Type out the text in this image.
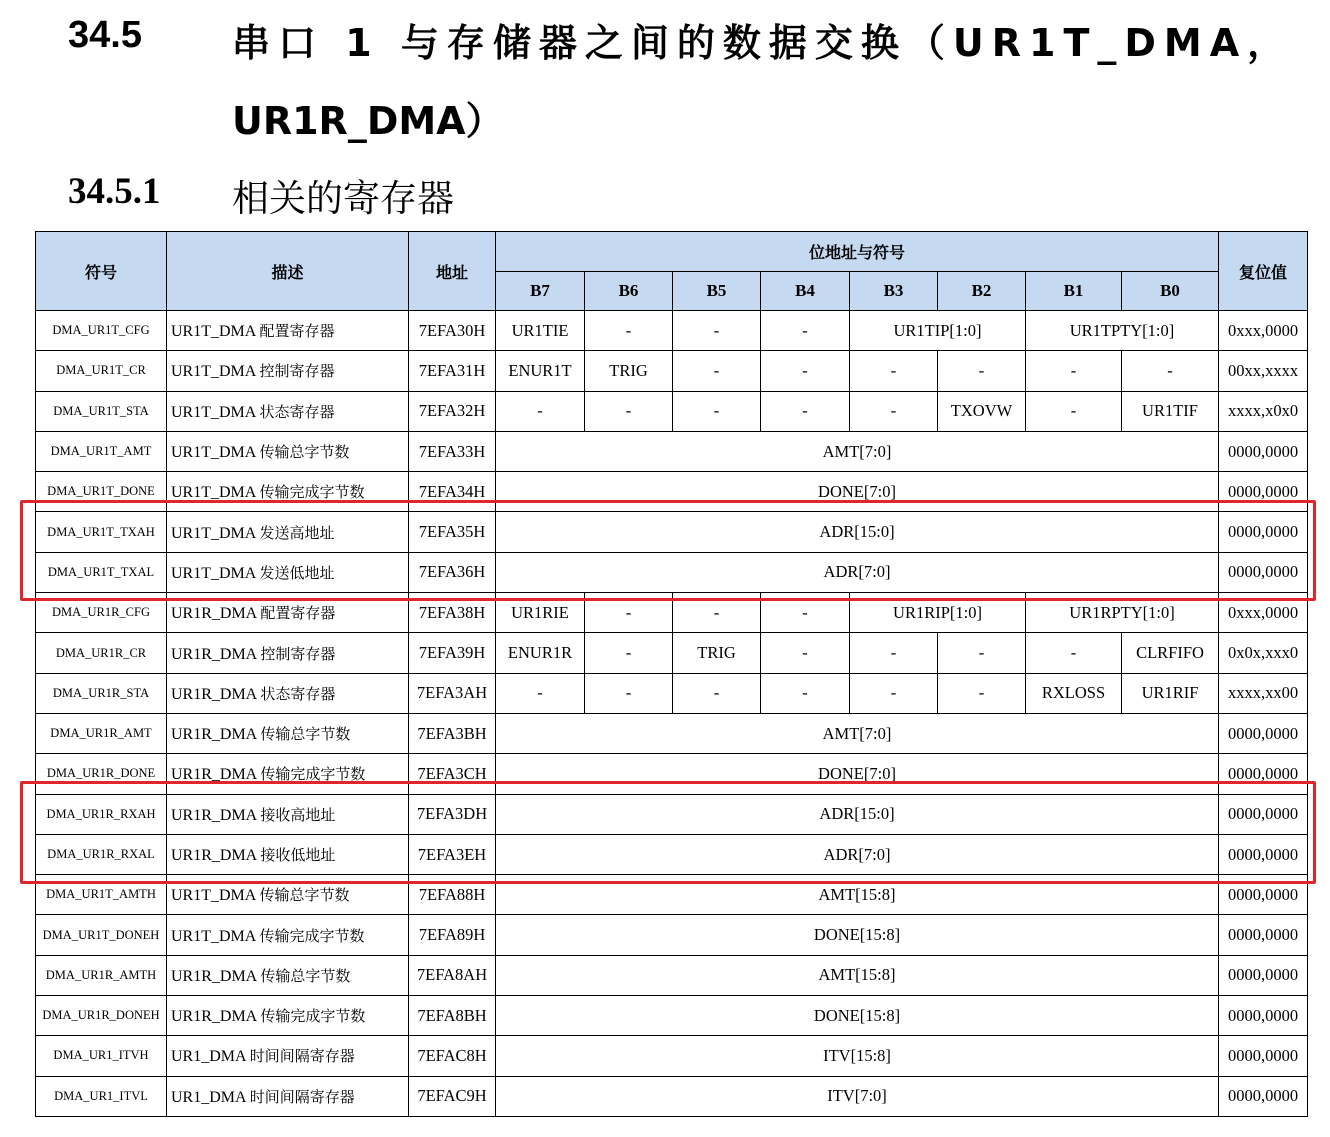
34.5 串口 1 与存储器之间的数据交换（UR1T_DMA，
UR1R_DMA）
34.5.1 相关的寄存器
符号	描述	地址	位地址与符号								复位值
			B7	B6	B5	B4	B3	B2	B1	B0	
DMA_UR1T_CFG	UR1T_DMA 配置寄存器	7EFA30H	UR1TIE	-	-	-	UR1TIP[1:0]		UR1TPTY[1:0]		0xxx,0000
DMA_UR1T_CR	UR1T_DMA 控制寄存器	7EFA31H	ENUR1T	TRIG	-	-	-	-	-	-	00xx,xxxx
DMA_UR1T_STA	UR1T_DMA 状态寄存器	7EFA32H	-	-	-	-	-	TXOVW	-	UR1TIF	xxxx,x0x0
DMA_UR1T_AMT	UR1T_DMA 传输总字节数	7EFA33H	AMT[7:0]								0000,0000
DMA_UR1T_DONE	UR1T_DMA 传输完成字节数	7EFA34H	DONE[7:0]								0000,0000
DMA_UR1T_TXAH	UR1T_DMA 发送高地址	7EFA35H	ADR[15:0]								0000,0000
DMA_UR1T_TXAL	UR1T_DMA 发送低地址	7EFA36H	ADR[7:0]								0000,0000
DMA_UR1R_CFG	UR1R_DMA 配置寄存器	7EFA38H	UR1RIE	-	-	-	UR1RIP[1:0]		UR1RPTY[1:0]		0xxx,0000
DMA_UR1R_CR	UR1R_DMA 控制寄存器	7EFA39H	ENUR1R	-	TRIG	-	-	-	-	CLRFIFO	0x0x,xxx0
DMA_UR1R_STA	UR1R_DMA 状态寄存器	7EFA3AH	-	-	-	-	-	-	RXLOSS	UR1RIF	xxxx,xx00
DMA_UR1R_AMT	UR1R_DMA 传输总字节数	7EFA3BH	AMT[7:0]								0000,0000
DMA_UR1R_DONE	UR1R_DMA 传输完成字节数	7EFA3CH	DONE[7:0]								0000,0000
DMA_UR1R_RXAH	UR1R_DMA 接收高地址	7EFA3DH	ADR[15:0]								0000,0000
DMA_UR1R_RXAL	UR1R_DMA 接收低地址	7EFA3EH	ADR[7:0]								0000,0000
DMA_UR1T_AMTH	UR1T_DMA 传输总字节数	7EFA88H	AMT[15:8]								0000,0000
DMA_UR1T_DONEH	UR1T_DMA 传输完成字节数	7EFA89H	DONE[15:8]								0000,0000
DMA_UR1R_AMTH	UR1R_DMA 传输总字节数	7EFA8AH	AMT[15:8]								0000,0000
DMA_UR1R_DONEH	UR1R_DMA 传输完成字节数	7EFA8BH	DONE[15:8]								0000,0000
DMA_UR1_ITVH	UR1_DMA 时间间隔寄存器	7EFAC8H	ITV[15:8]								0000,0000
DMA_UR1_ITVL	UR1_DMA 时间间隔寄存器	7EFAC9H	ITV[7:0]								0000,0000
